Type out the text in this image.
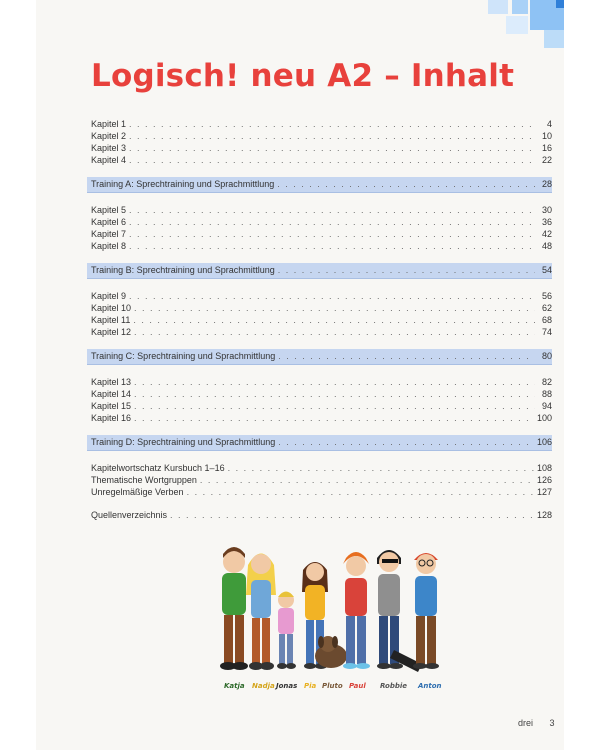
Logisch! neu A2 – Inhalt
Kapitel 1 . . .	4
Kapitel 2 . . .	10
Kapitel 3 . . .	16
Kapitel 4 . . .	22
Training A: Sprechtraining und Sprachmittlung . . .	28
Kapitel 5 . . .	30
Kapitel 6 . . .	36
Kapitel 7 . . .	42
Kapitel 8 . . .	48
Training B: Sprechtraining und Sprachmittlung . . .	54
Kapitel 9 . . .	56
Kapitel 10 . . .	62
Kapitel 11 . . .	68
Kapitel 12 . . .	74
Training C: Sprechtraining und Sprachmittlung . . .	80
Kapitel 13 . . .	82
Kapitel 14 . . .	88
Kapitel 15 . . .	94
Kapitel 16 . . .	100
Training D: Sprechtraining und Sprachmittlung . . .	106
Kapitelwortschatz Kursbuch 1–16 . . .	108
Thematische Wortgruppen . . .	126
Unregelmäßige Verben . . .	127
Quellenverzeichnis . . .	128
Katja Nadja Jonas Pia Pluto Paul Robbie Anton
drei 3
